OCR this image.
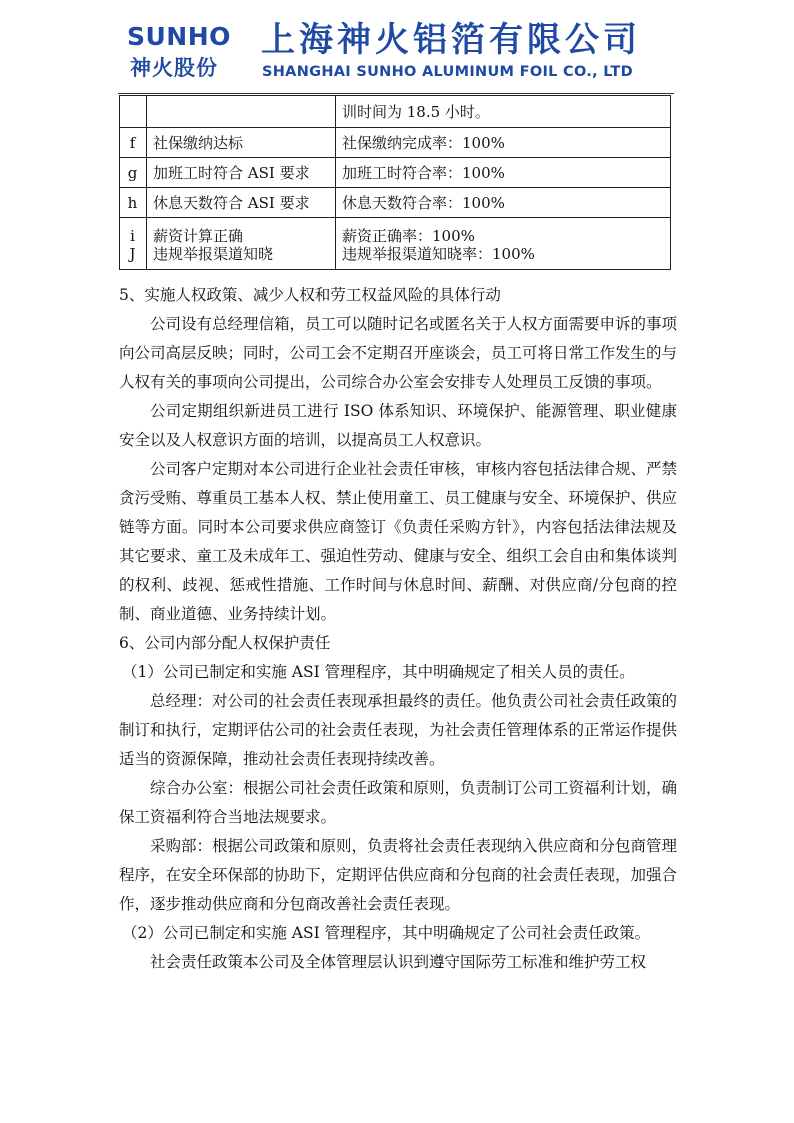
SUNHO
神火股份
上海神火铝箔有限公司
SHANGHAI SUNHO ALUMINUM FOIL CO., LTD
		训时间为 18.5 小时。
f	社保缴纳达标	社保缴纳完成率：100%
g	加班工时符合 ASI 要求	加班工时符合率：100%
h	休息天数符合 ASI 要求	休息天数符合率：100%
i	薪资计算正确	薪资正确率：100%
J	违规举报渠道知晓	违规举报渠道知晓率：100%

5、实施人权政策、减少人权和劳工权益风险的具体行动

公司设有总经理信箱，员工可以随时记名或匿名关于人权方面需要申诉的事项向公司高层反映；同时，公司工会不定期召开座谈会，员工可将日常工作发生的与人权有关的事项向公司提出，公司综合办公室会安排专人处理员工反馈的事项。

公司定期组织新进员工进行 ISO 体系知识、环境保护、能源管理、职业健康安全以及人权意识方面的培训，以提高员工人权意识。

公司客户定期对本公司进行企业社会责任审核，审核内容包括法律合规、严禁贪污受贿、尊重员工基本人权、禁止使用童工、员工健康与安全、环境保护、供应链等方面。同时本公司要求供应商签订《负责任采购方针》，内容包括法律法规及其它要求、童工及未成年工、强迫性劳动、健康与安全、组织工会自由和集体谈判的权利、歧视、惩戒性措施、工作时间与休息时间、薪酬、对供应商/分包商的控制、商业道德、业务持续计划。

6、公司内部分配人权保护责任

（1）公司已制定和实施 ASI 管理程序，其中明确规定了相关人员的责任。

总经理：对公司的社会责任表现承担最终的责任。他负责公司社会责任政策的制订和执行，定期评估公司的社会责任表现，为社会责任管理体系的正常运作提供适当的资源保障，推动社会责任表现持续改善。

综合办公室：根据公司社会责任政策和原则，负责制订公司工资福利计划，确保工资福利符合当地法规要求。

采购部：根据公司政策和原则，负责将社会责任表现纳入供应商和分包商管理程序，在安全环保部的协助下，定期评估供应商和分包商的社会责任表现，加强合作，逐步推动供应商和分包商改善社会责任表现。

（2）公司已制定和实施 ASI 管理程序，其中明确规定了公司社会责任政策。

社会责任政策本公司及全体管理层认识到遵守国际劳工标准和维护劳工权
